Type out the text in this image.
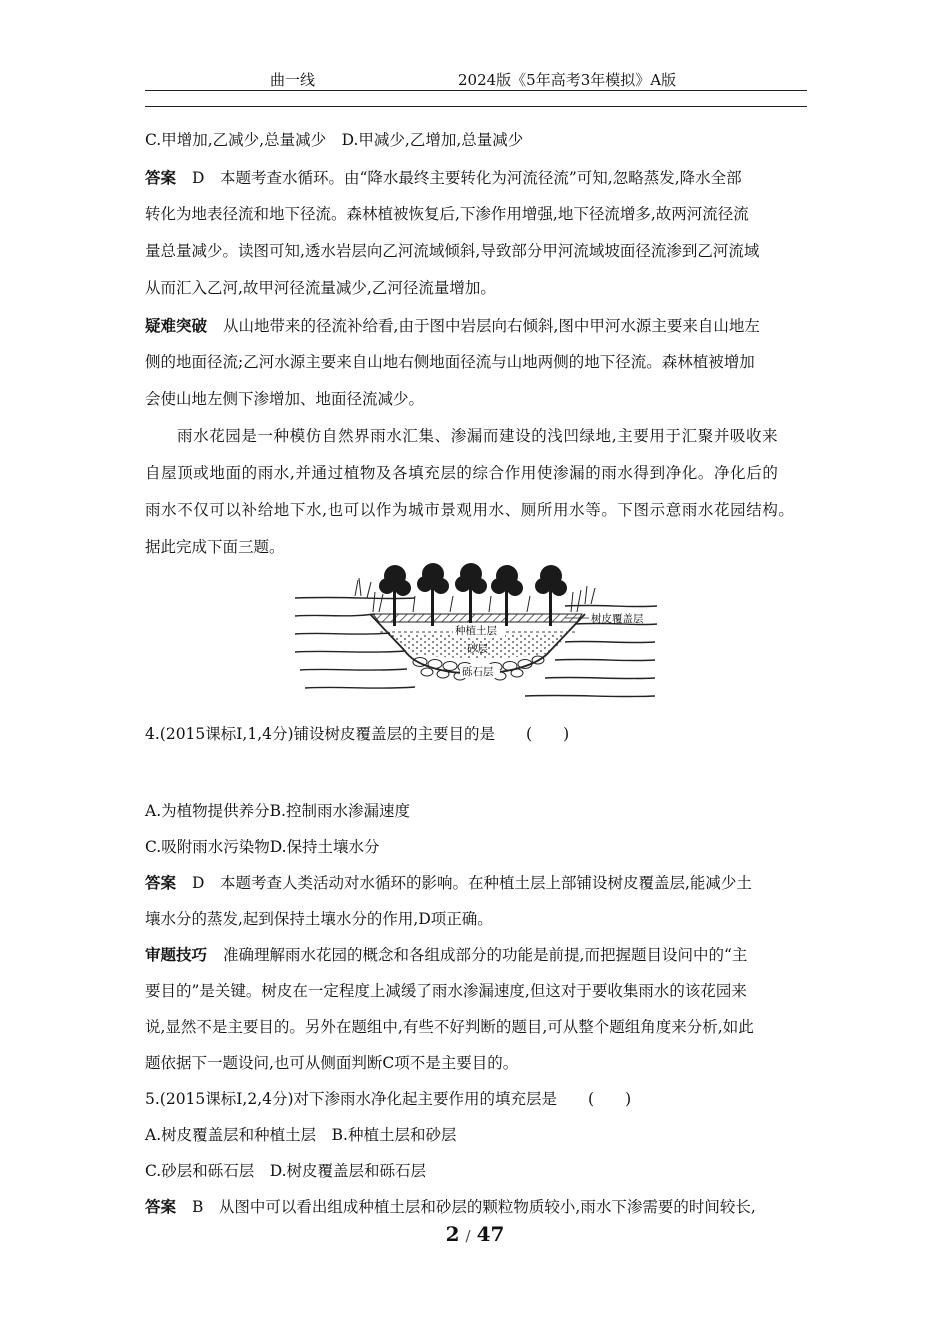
曲一线	2024版《5年高考3年模拟》A版
C.甲增加,乙减少,总量减少　D.甲减少,乙增加,总量减少
答案 D　本题考查水循环。由“降水最终主要转化为河流径流”可知,忽略蒸发,降水全部
转化为地表径流和地下径流。森林植被恢复后,下渗作用增强,地下径流增多,故两河流径流
量总量减少。读图可知,透水岩层向乙河流域倾斜,导致部分甲河流域坡面径流渗到乙河流域
从而汇入乙河,故甲河径流量减少,乙河径流量增加。
疑难突破 从山地带来的径流补给看,由于图中岩层向右倾斜,图中甲河水源主要来自山地左
侧的地面径流;乙河水源主要来自山地右侧地面径流与山地两侧的地下径流。森林植被增加
会使山地左侧下渗增加、地面径流减少。
雨水花园是一种模仿自然界雨水汇集、渗漏而建设的浅凹绿地,主要用于汇聚并吸收来
自屋顶或地面的雨水,并通过植物及各填充层的综合作用使渗漏的雨水得到净化。净化后的
雨水不仅可以补给地下水,也可以作为城市景观用水、厕所用水等。下图示意雨水花园结构。
据此完成下面三题。
种植土层
砂层
砾石层
树皮覆盖层
4.(2015课标Ⅰ,1,4分)铺设树皮覆盖层的主要目的是　　(　　)
A.为植物提供养分B.控制雨水渗漏速度
C.吸附雨水污染物D.保持土壤水分
答案 D　本题考查人类活动对水循环的影响。在种植土层上部铺设树皮覆盖层,能减少土
壤水分的蒸发,起到保持土壤水分的作用,D项正确。
审题技巧 准确理解雨水花园的概念和各组成部分的功能是前提,而把握题目设问中的“主
要目的”是关键。树皮在一定程度上减缓了雨水渗漏速度,但这对于要收集雨水的该花园来
说,显然不是主要目的。另外在题组中,有些不好判断的题目,可从整个题组角度来分析,如此
题依据下一题设问,也可从侧面判断C项不是主要目的。
5.(2015课标Ⅰ,2,4分)对下渗雨水净化起主要作用的填充层是　　(　　)
A.树皮覆盖层和种植土层　B.种植土层和砂层
C.砂层和砾石层　D.树皮覆盖层和砾石层
答案 B　从图中可以看出组成种植土层和砂层的颗粒物质较小,雨水下渗需要的时间较长,
2 / 47
